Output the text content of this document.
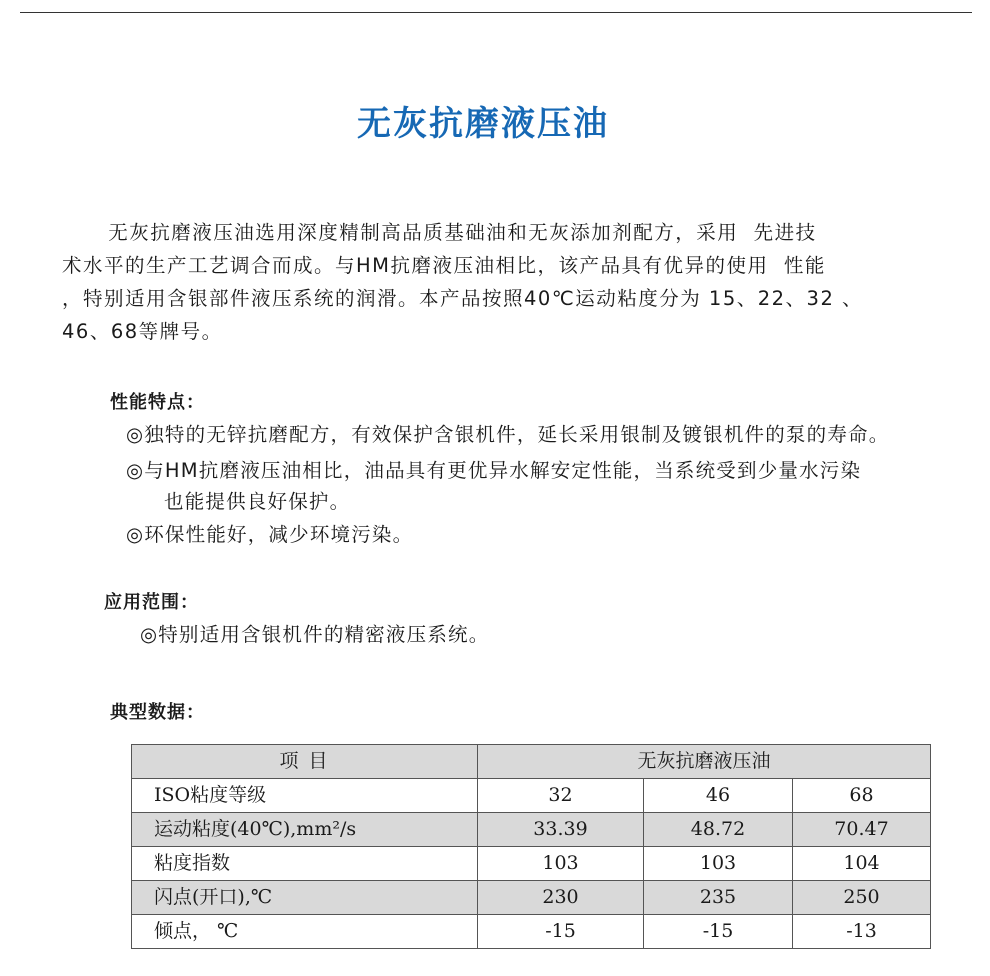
无灰抗磨液压油
无灰抗磨液压油选用深度精制高品质基础油和无灰添加剂配方，采用  先进技
术水平的生产工艺调合而成。与HM抗磨液压油相比，该产品具有优异的使用  性能
，特别适用含银部件液压系统的润滑。本产品按照40℃运动粘度分为 15、22、32 、
46、68等牌号。
性能特点：
◎独特的无锌抗磨配方，有效保护含银机件，延长采用银制及镀银机件的泵的寿命。
◎与HM抗磨液压油相比，油品具有更优异水解安定性能，当系统受到少量水污染
也能提供良好保护。
◎环保性能好，减少环境污染。
应用范围：
◎特别适用含银机件的精密液压系统。
典型数据：
项 目	无灰抗磨液压油		
ISO粘度等级	32	46	68
运动粘度(40℃),mm²/s	33.39	48.72	70.47
粘度指数	103	103	104
闪点(开口),℃	230	235	250
倾点， ℃	-15	-15	-13
